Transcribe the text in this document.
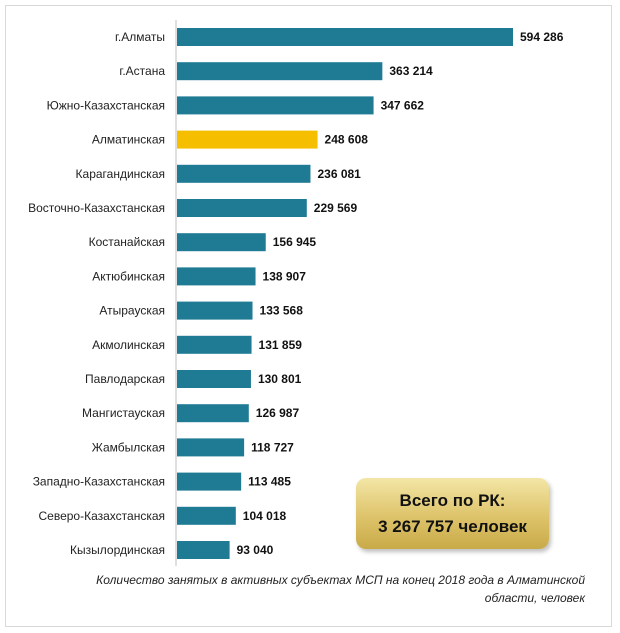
г.Алматы	594 286
г.Астана	363 214
Южно-Казахстанская	347 662
Алматинская	248 608
Карагандинская	236 081
Восточно-Казахстанская	229 569
Костанайская	156 945
Актюбинская	138 907
Атырауская	133 568
Акмолинская	131 859
Павлодарская	130 801
Мангистауская	126 987
Жамбылская	118 727
Западно-Казахстанская	113 485
Северо-Казахстанская	104 018
Кызылординская	93 040
Всего по РК:
3 267 757 человек
Количество занятых в активных субъектах МСП на конец 2018 года в Алматинской
области, человек
